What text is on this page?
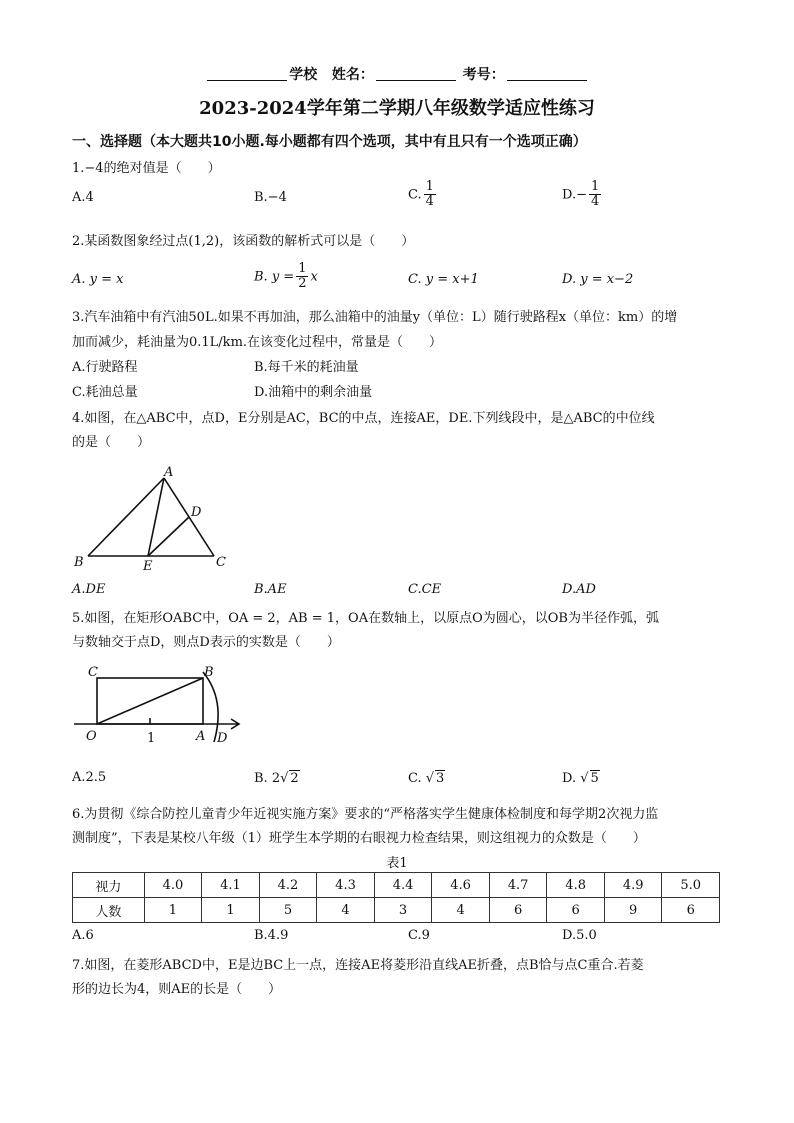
学校 姓名：	考号：
2023-2024学年第二学期八年级数学适应性练习
一、选择题（本大题共10小题.每小题都有四个选项，其中有且只有一个选项正确）
1.−4的绝对值是（　　）
A.4	B.−4	C. $\frac{1}{4}$	$D.- \frac{1}{4}$
2.某函数图象经过点(1,2)，该函数的解析式可以是（　　）
A. y = x	B. $y = \frac{1}{2}$ x	C. y = x+1	D. y = x−2
3.汽车油箱中有汽油50L.如果不再加油，那么油箱中的油量y（单位：L）随行驶路程x（单位：km）的增
加而减少，耗油量为0.1L/km.在该变化过程中，常量是（　　）
A.行驶路程	B.每千米的耗油量
C.耗油总量	D.油箱中的剩余油量
4.如图，在△ABC中，点D，E分别是AC，BC的中点，连接AE，DE.下列线段中，是△ABC的中位线
的是（　　）
A
B	C
D
E
A.DE	B.AE	C.CE	D.AD
5.如图，在矩形OABC中，OA = 2，AB = 1，OA在数轴上，以原点O为圆心，以OB为半径作弧，弧
与数轴交于点D，则点D表示的实数是（　　）
C	B
O	1	A D
A.2.5	B. 2√ 2	C. √ 3	D. √ 5
6.为贯彻《综合防控儿童青少年近视实施方案》要求的“严格落实学生健康体检制度和每学期2次视力监
测制度”，下表是某校八年级（1）班学生本学期的右眼视力检查结果，则这组视力的众数是（　　）
表1
视力	4.0	4.1	4.2	4.3	4.4	4.6	4.7	4.8	4.9	5.0
人数	1	1	5	4	3	4	6	6	9	6
A.6	B.4.9	C.9	D.5.0
7.如图，在菱形ABCD中，E是边BC上一点，连接AE将菱形沿直线AE折叠，点B恰与点C重合.若菱
形的边长为4，则AE的长是（　　）
